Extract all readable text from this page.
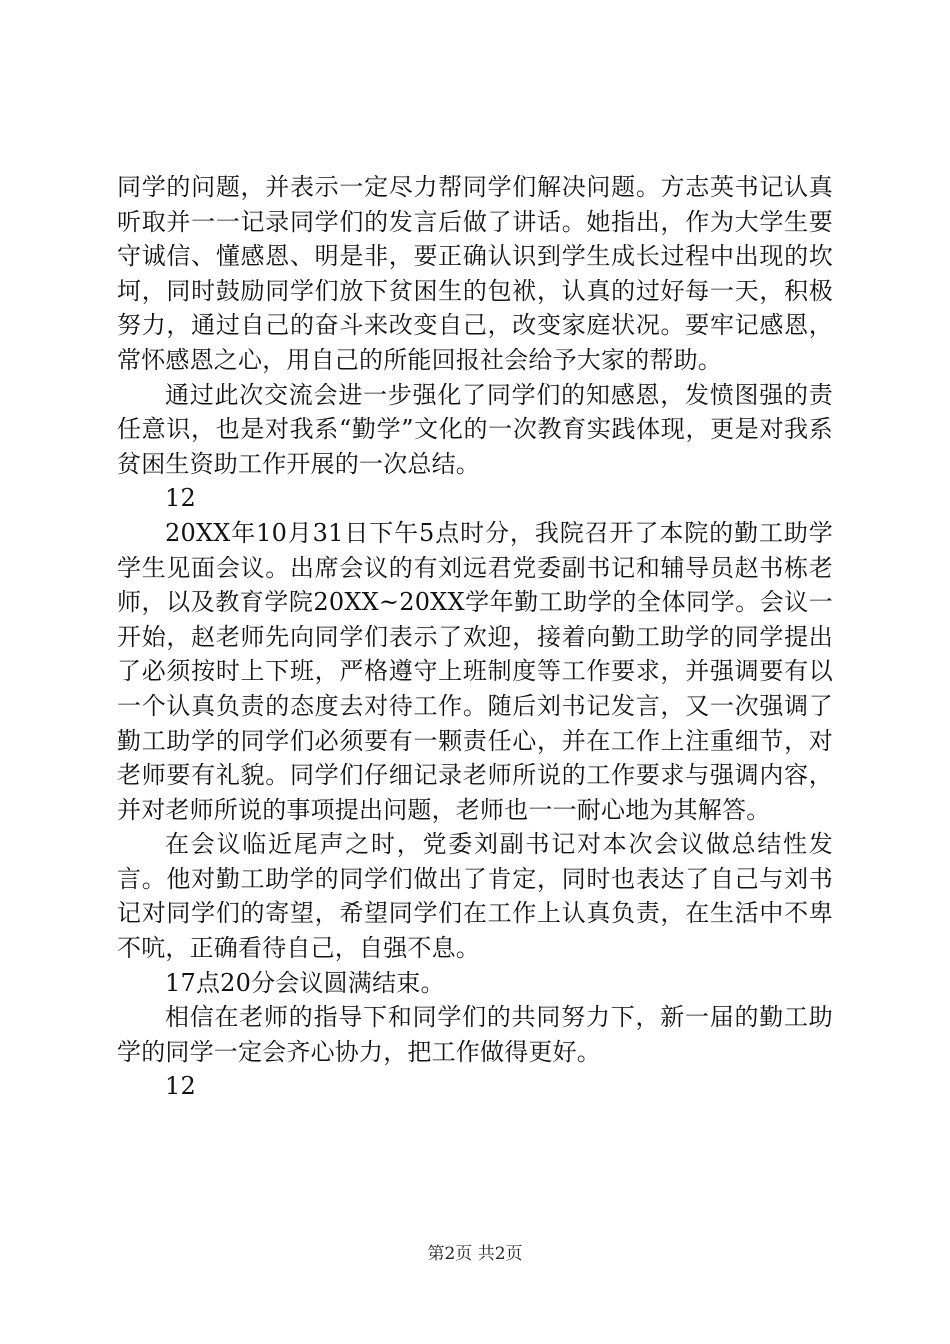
同学的问题，并表示一定尽力帮同学们解决问题。方志英书记认真听取并一一记录同学们的发言后做了讲话。她指出，作为大学生要守诚信、懂感恩、明是非，要正确认识到学生成长过程中出现的坎坷，同时鼓励同学们放下贫困生的包袱，认真的过好每一天，积极努力，通过自己的奋斗来改变自己，改变家庭状况。要牢记感恩，常怀感恩之心，用自己的所能回报社会给予大家的帮助。

通过此次交流会进一步强化了同学们的知感恩，发愤图强的责任意识，也是对我系“勤学”文化的一次教育实践体现，更是对我系贫困生资助工作开展的一次总结。

12

20XX年10月31日下午5点时分，我院召开了本院的勤工助学学生见面会议。出席会议的有刘远君党委副书记和辅导员赵书栋老师，以及教育学院20XX~20XX学年勤工助学的全体同学。会议一开始，赵老师先向同学们表示了欢迎，接着向勤工助学的同学提出了必须按时上下班，严格遵守上班制度等工作要求，并强调要有以一个认真负责的态度去对待工作。随后刘书记发言，又一次强调了勤工助学的同学们必须要有一颗责任心，并在工作上注重细节，对老师要有礼貌。同学们仔细记录老师所说的工作要求与强调内容，并对老师所说的事项提出问题，老师也一一耐心地为其解答。

在会议临近尾声之时，党委刘副书记对本次会议做总结性发言。他对勤工助学的同学们做出了肯定，同时也表达了自己与刘书记对同学们的寄望，希望同学们在工作上认真负责，在生活中不卑不吭，正确看待自己，自强不息。

17点20分会议圆满结束。

相信在老师的指导下和同学们的共同努力下，新一届的勤工助学的同学一定会齐心协力，把工作做得更好。

12

第2页 共2页
